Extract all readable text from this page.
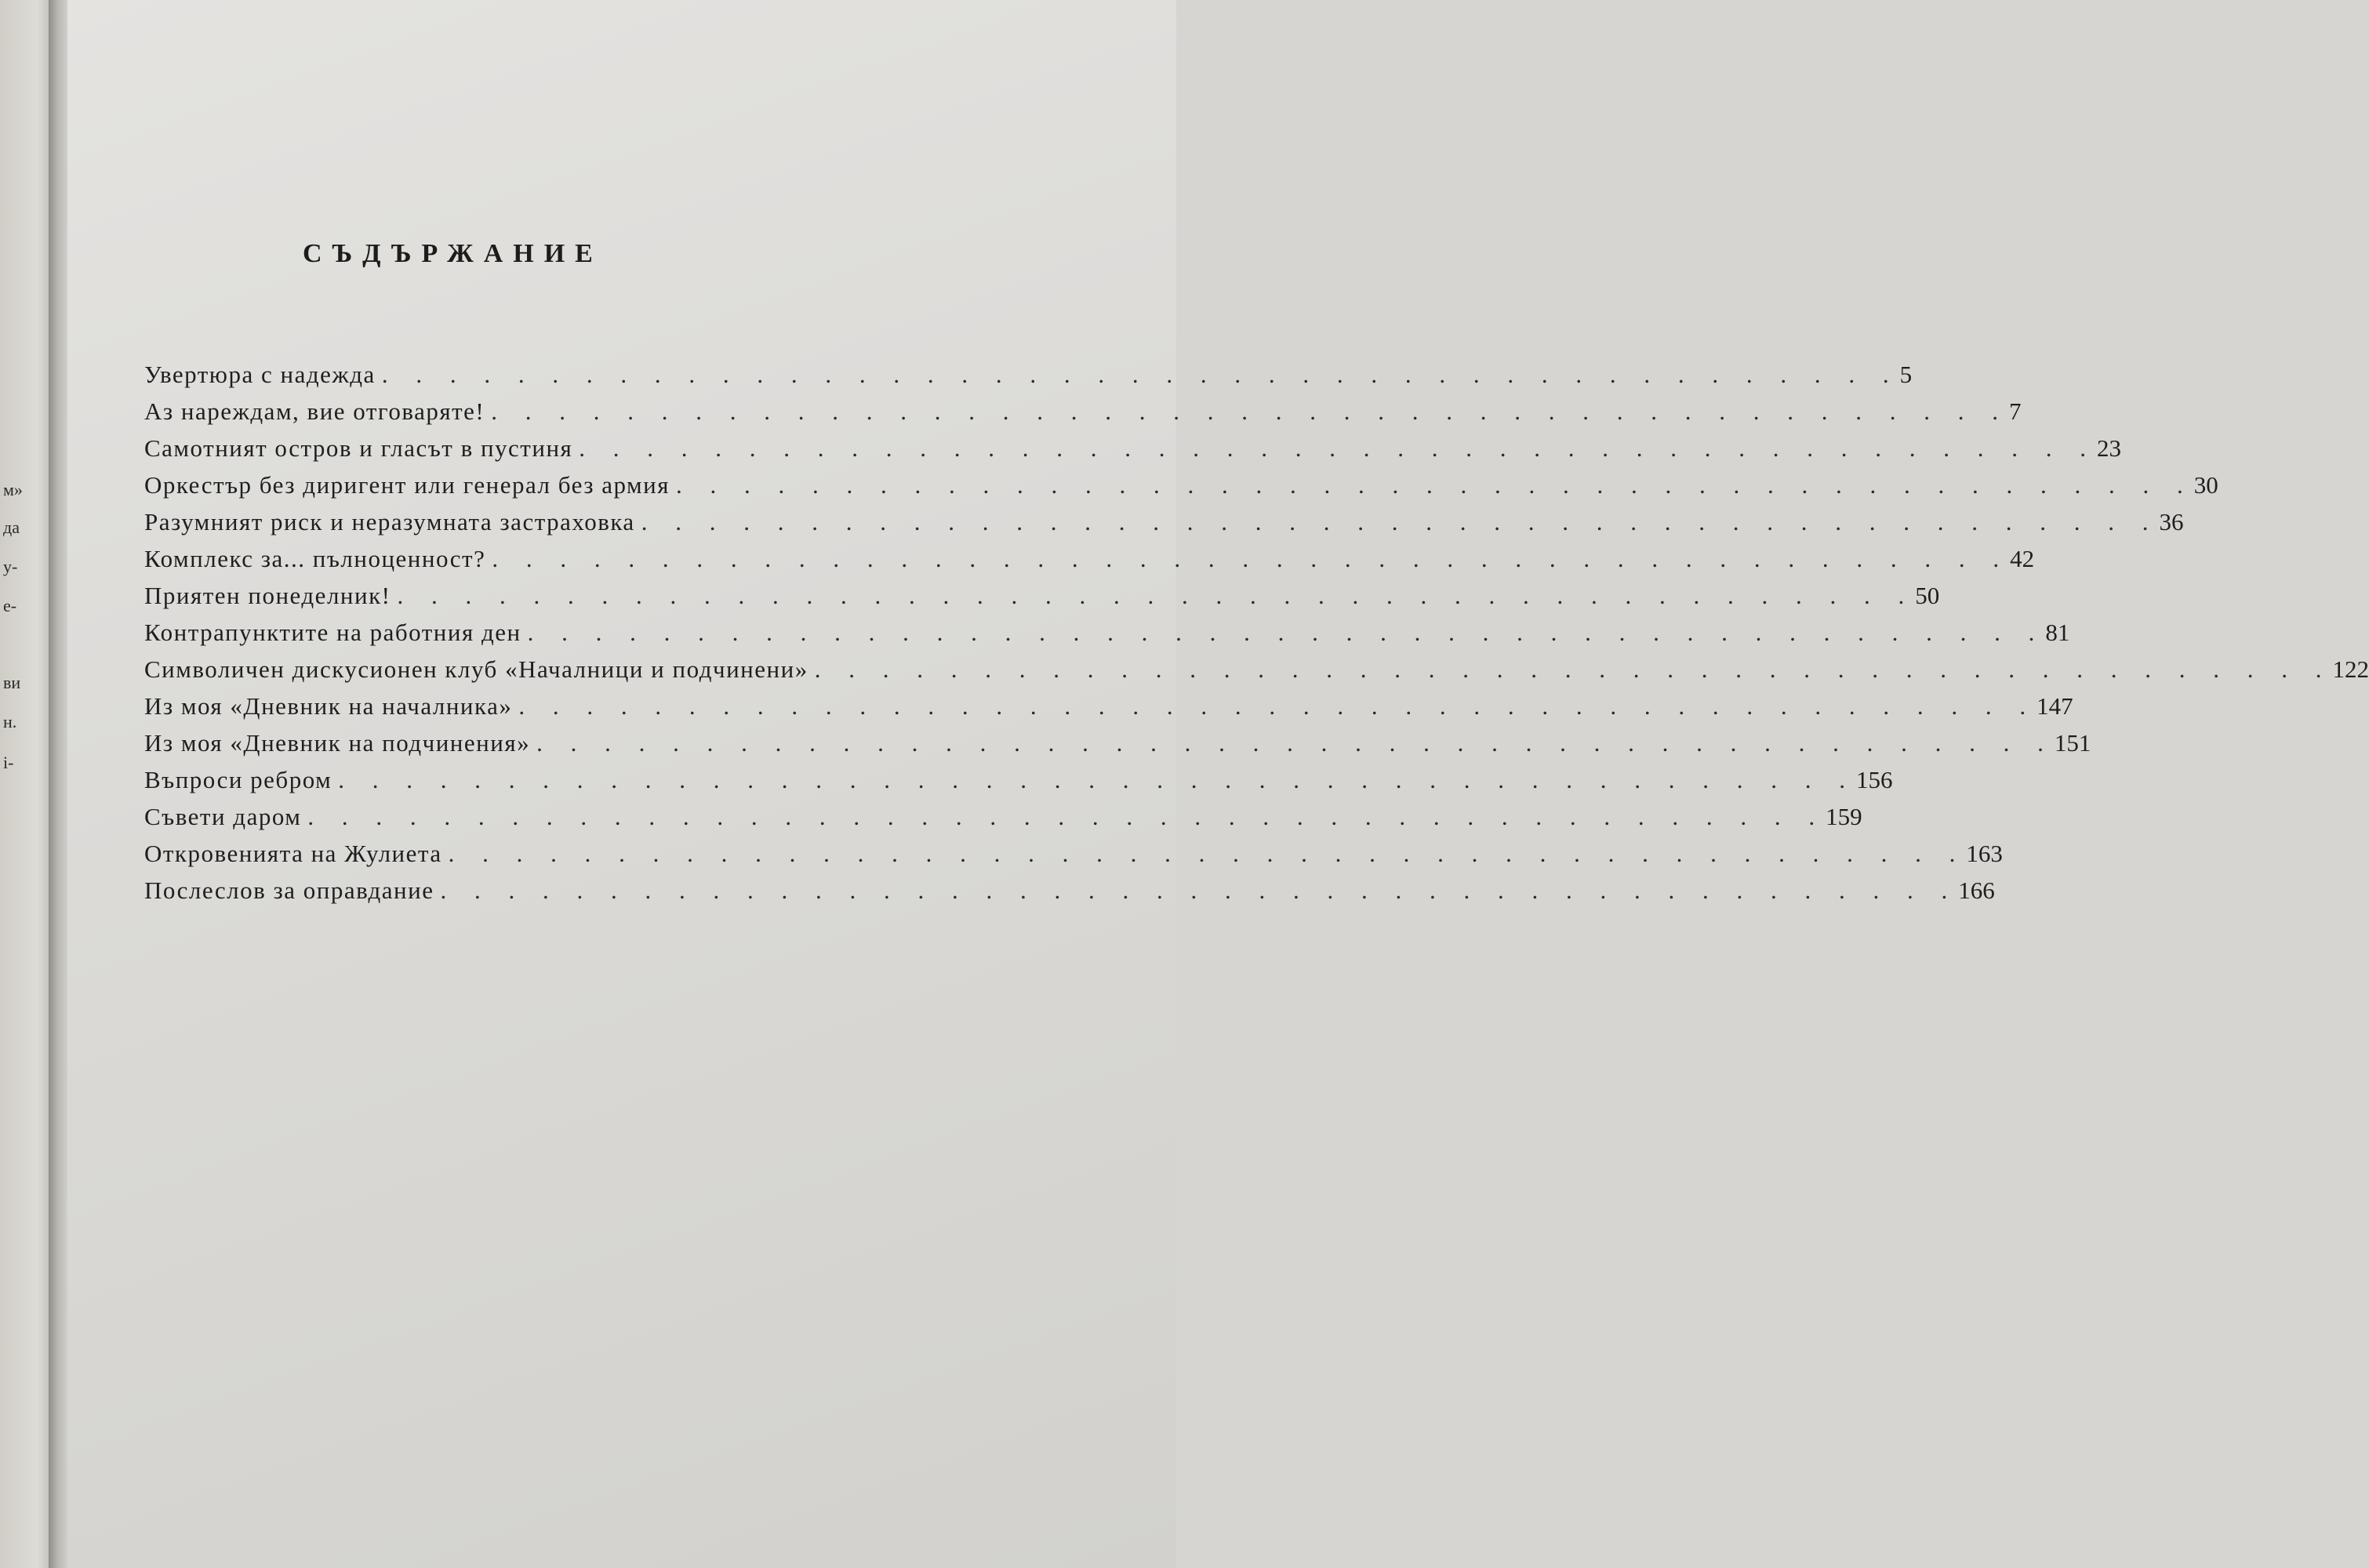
м»
да
у-
е-
ви
н.
і-
СЪДЪРЖАНИЕ
Увертюра с надежда . . . . . . . . . . . . . . . . . . . . . . . . . . . . . . . . . . . . . . . . . . . . . 5
Аз нареждам, вие отговаряте! . . . . . . . . . . . . . . . . . . . . . . . . . . . . . . . . . . . . . . . . . . . . . 7
Самотният остров и гласът в пустиня . . . . . . . . . . . . . . . . . . . . . . . . . . . . . . . . . . . . . . . . . . . . . 23
Оркестър без диригент или генерал без армия . . . . . . . . . . . . . . . . . . . . . . . . . . . . . . . . . . . . . . . . . . . . . 30
Разумният риск и неразумната застраховка . . . . . . . . . . . . . . . . . . . . . . . . . . . . . . . . . . . . . . . . . . . . . 36
Комплекс за... пълноценност? . . . . . . . . . . . . . . . . . . . . . . . . . . . . . . . . . . . . . . . . . . . . . 42
Приятен понеделник! . . . . . . . . . . . . . . . . . . . . . . . . . . . . . . . . . . . . . . . . . . . . . 50
Контрапунктите на работния ден . . . . . . . . . . . . . . . . . . . . . . . . . . . . . . . . . . . . . . . . . . . . . 81
Символичен дискусионен клуб «Началници и подчинени» . . . . . . . . . . . . . . . . . . . . . . . . . . . . . . . . . . . . . . . . . . . . . 122
Из моя «Дневник на началника» . . . . . . . . . . . . . . . . . . . . . . . . . . . . . . . . . . . . . . . . . . . . . 147
Из моя «Дневник на подчинения» . . . . . . . . . . . . . . . . . . . . . . . . . . . . . . . . . . . . . . . . . . . . . 151
Въпроси ребром . . . . . . . . . . . . . . . . . . . . . . . . . . . . . . . . . . . . . . . . . . . . . 156
Съвети даром . . . . . . . . . . . . . . . . . . . . . . . . . . . . . . . . . . . . . . . . . . . . . 159
Откровенията на Жулиета . . . . . . . . . . . . . . . . . . . . . . . . . . . . . . . . . . . . . . . . . . . . . 163
Послеслов за оправдание . . . . . . . . . . . . . . . . . . . . . . . . . . . . . . . . . . . . . . . . . . . . . 166
